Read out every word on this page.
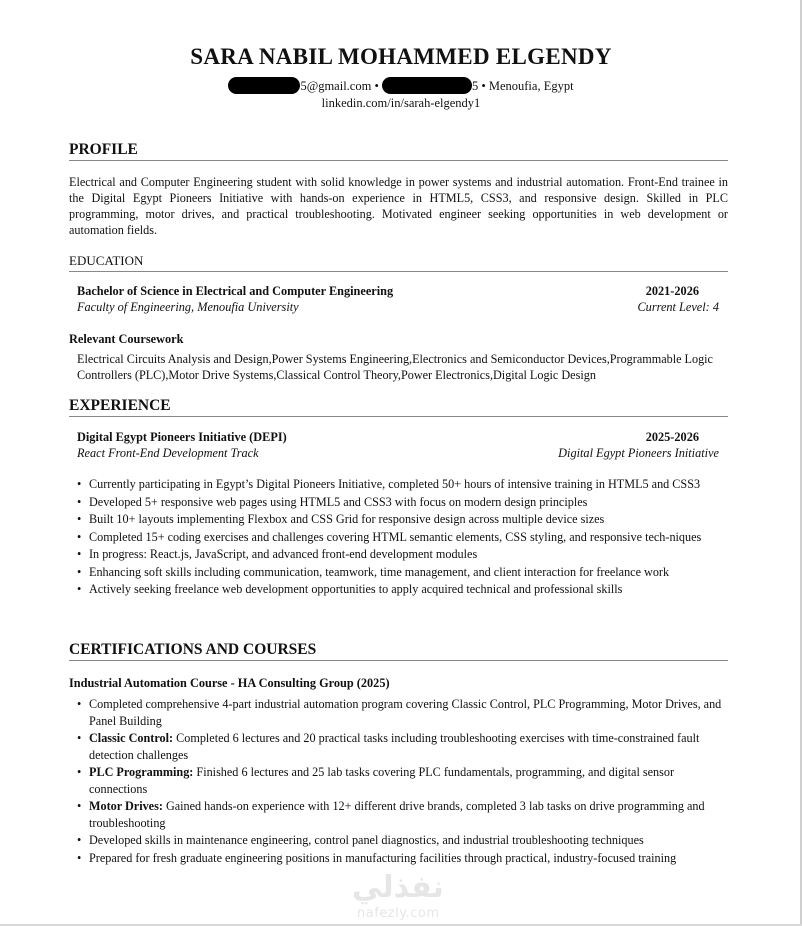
SARA NABIL MOHAMMED ELGENDY
5@gmail.com •	5 • Menoufia, Egypt
linkedin.com/in/sarah-elgendy1
PROFILE
Electrical and Computer Engineering student with solid knowledge in power systems and industrial automation. Front-End trainee in the Digital Egypt Pioneers Initiative with hands-on experience in HTML5, CSS3, and responsive design. Skilled in PLC programming, motor drives, and practical troubleshooting. Motivated engineer seeking opportunities in web development or automation fields.
EDUCATION
Bachelor of Science in Electrical and Computer Engineering	2021-2026
Faculty of Engineering, Menoufia University	Current Level: 4
Relevant Coursework
Electrical Circuits Analysis and Design,Power Systems Engineering,Electronics and Semiconductor Devices,Programmable Logic Controllers (PLC),Motor Drive Systems,Classical Control Theory,Power Electronics,Digital Logic Design
EXPERIENCE
Digital Egypt Pioneers Initiative (DEPI)	2025-2026
React Front-End Development Track	Digital Egypt Pioneers Initiative
• Currently participating in Egypt’s Digital Pioneers Initiative, completed 50+ hours of intensive training in HTML5 and CSS3
• Developed 5+ responsive web pages using HTML5 and CSS3 with focus on modern design principles
• Built 10+ layouts implementing Flexbox and CSS Grid for responsive design across multiple device sizes
• Completed 15+ coding exercises and challenges covering HTML semantic elements, CSS styling, and responsive tech-niques
• In progress: React.js, JavaScript, and advanced front-end development modules
• Enhancing soft skills including communication, teamwork, time management, and client interaction for freelance work
• Actively seeking freelance web development opportunities to apply acquired technical and professional skills
CERTIFICATIONS AND COURSES
Industrial Automation Course - HA Consulting Group (2025)
• Completed comprehensive 4-part industrial automation program covering Classic Control, PLC Programming, Motor Drives, and Panel Building
• Classic Control: Completed 6 lectures and 20 practical tasks including troubleshooting exercises with time-constrained fault detection challenges
• PLC Programming: Finished 6 lectures and 25 lab tasks covering PLC fundamentals, programming, and digital sensor connections
• Motor Drives: Gained hands-on experience with 12+ different drive brands, completed 3 lab tasks on drive programming and troubleshooting
• Developed skills in maintenance engineering, control panel diagnostics, and industrial troubleshooting techniques
• Prepared for fresh graduate engineering positions in manufacturing facilities through practical, industry-focused training
نفذلي
nafezly.com
